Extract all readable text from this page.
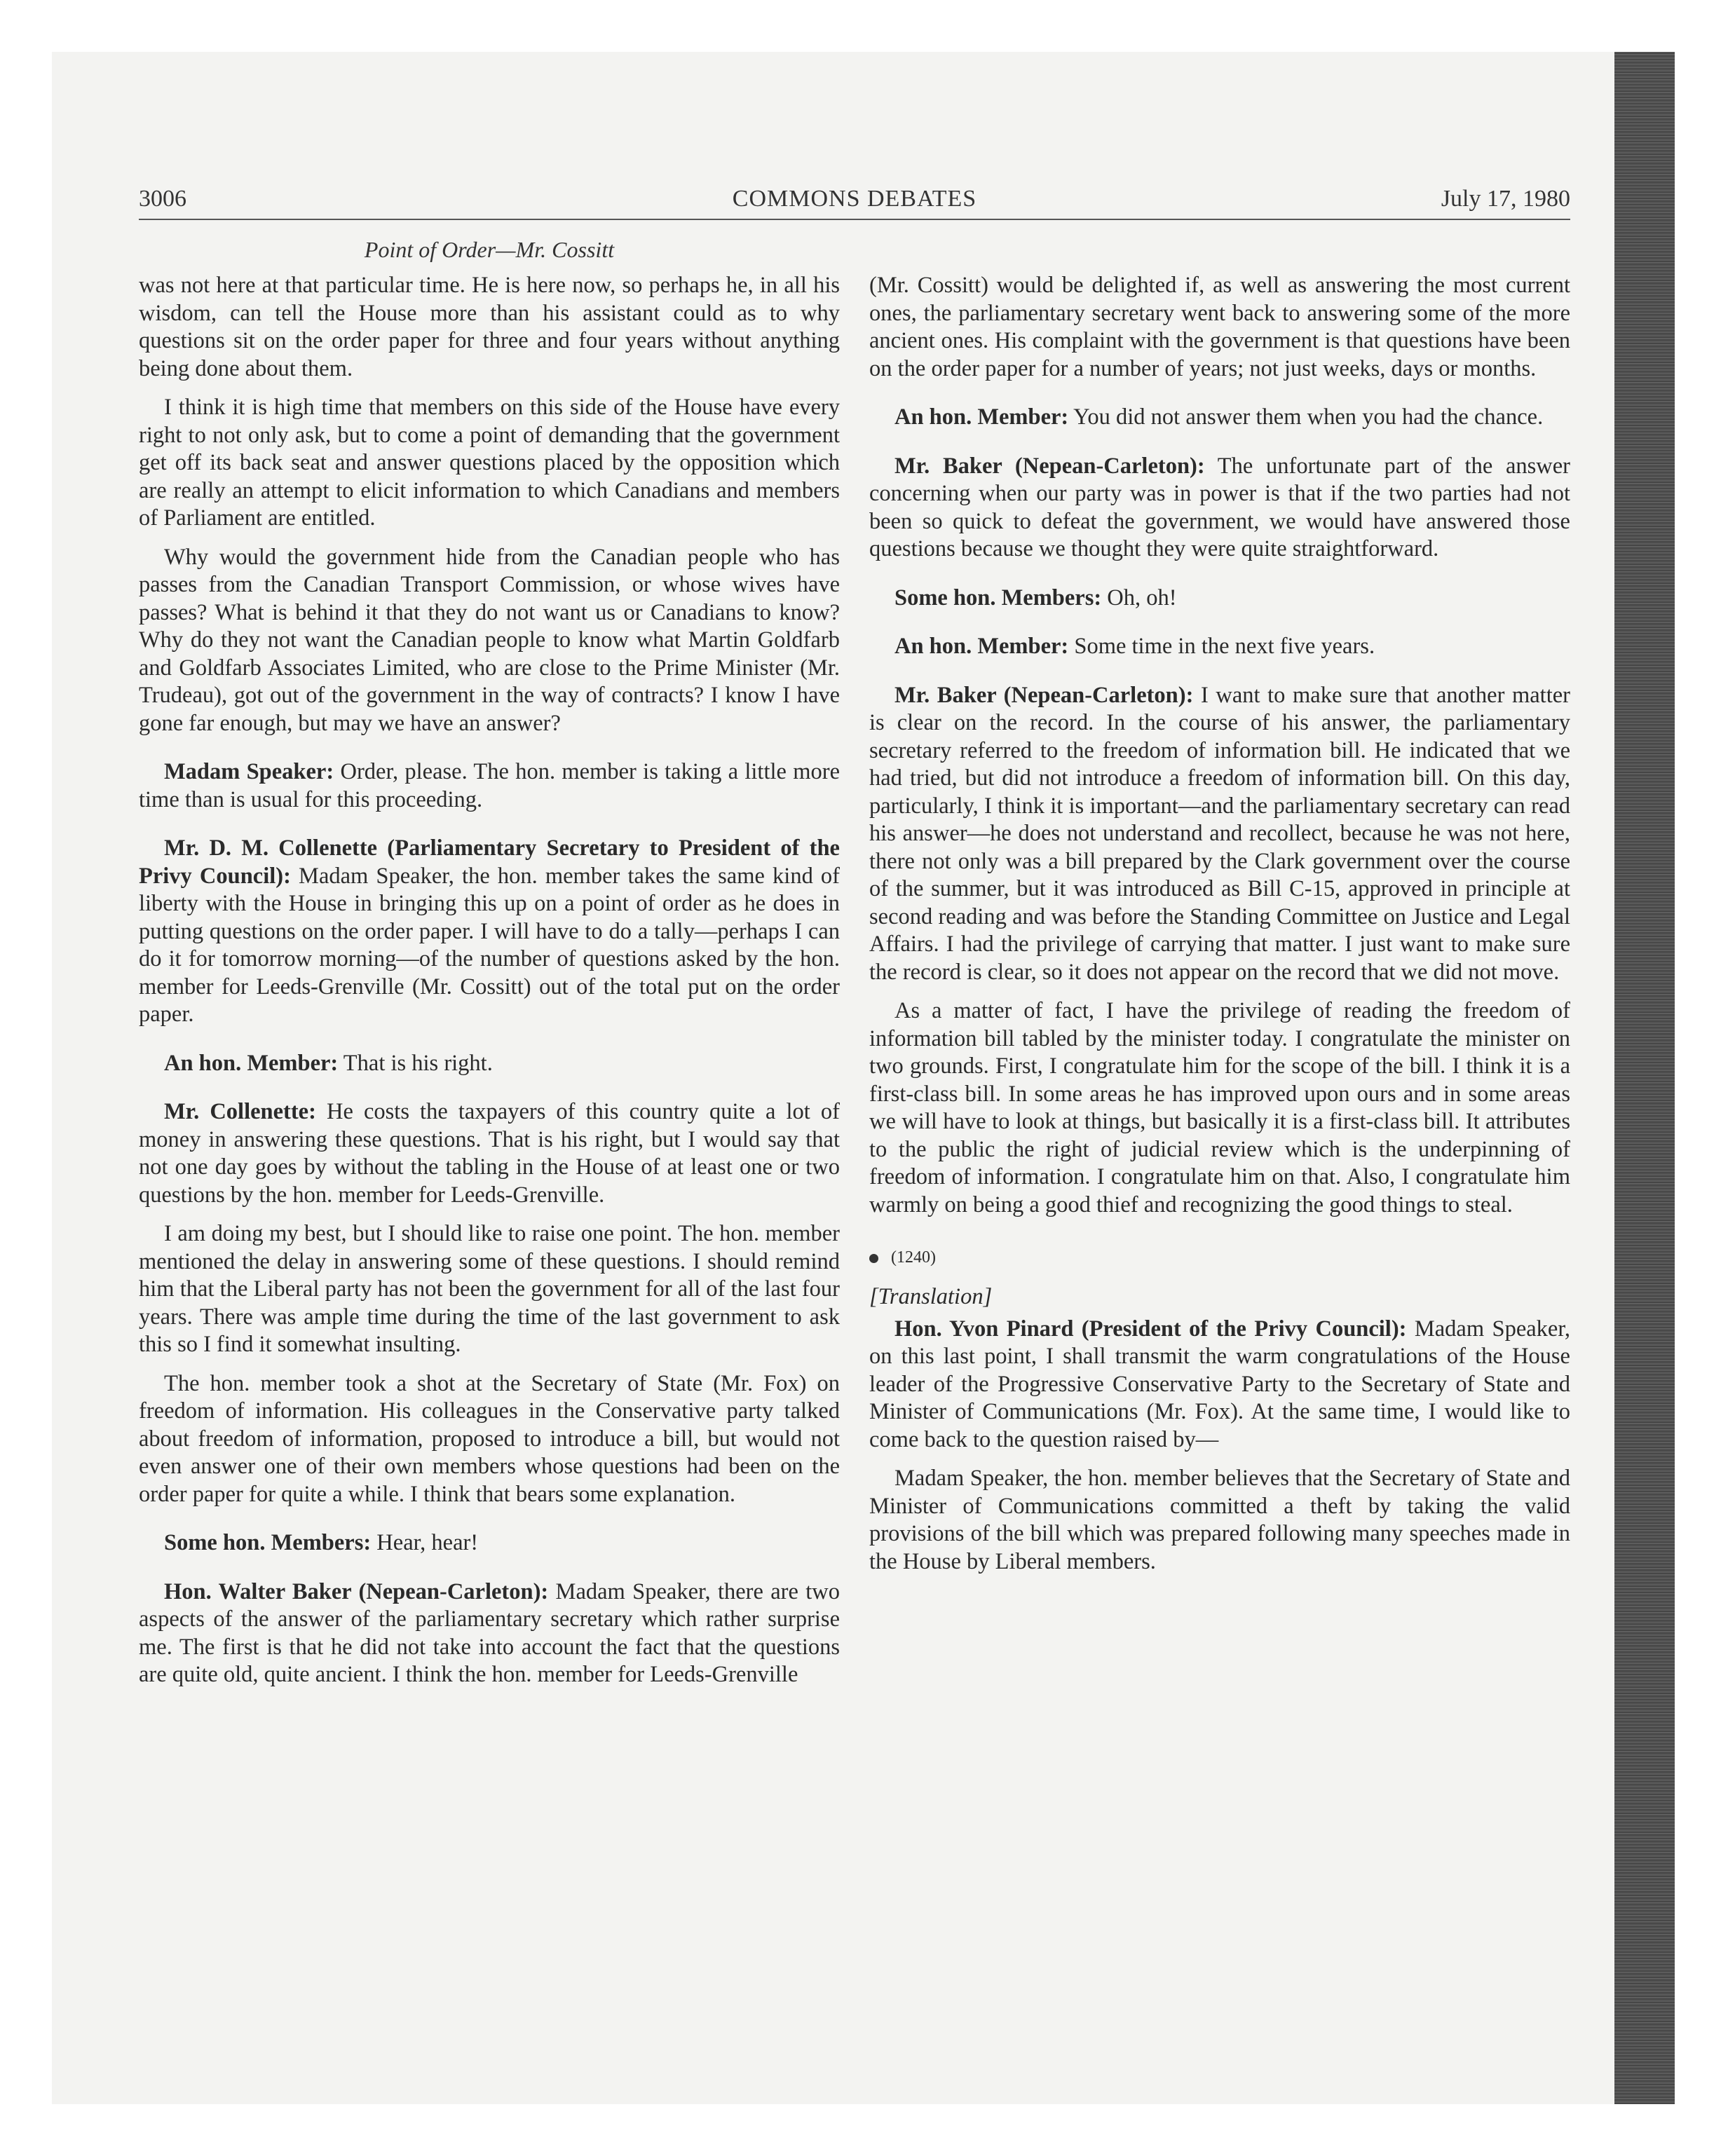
3006	COMMONS DEBATES	July 17, 1980
Point of Order—Mr. Cossitt

was not here at that particular time. He is here now, so perhaps he, in all his wisdom, can tell the House more than his assistant could as to why questions sit on the order paper for three and four years without anything being done about them.

I think it is high time that members on this side of the House have every right to not only ask, but to come a point of demanding that the government get off its back seat and answer questions placed by the opposition which are really an attempt to elicit information to which Canadians and members of Parliament are entitled.

Why would the government hide from the Canadian people who has passes from the Canadian Transport Commission, or whose wives have passes? What is behind it that they do not want us or Canadians to know? Why do they not want the Canadian people to know what Martin Goldfarb and Goldfarb Associates Limited, who are close to the Prime Minister (Mr. Trudeau), got out of the government in the way of contracts? I know I have gone far enough, but may we have an answer?

Madam Speaker: Order, please. The hon. member is taking a little more time than is usual for this proceeding.

Mr. D. M. Collenette (Parliamentary Secretary to President of the Privy Council): Madam Speaker, the hon. member takes the same kind of liberty with the House in bringing this up on a point of order as he does in putting questions on the order paper. I will have to do a tally—perhaps I can do it for tomorrow morning—of the number of questions asked by the hon. member for Leeds-Grenville (Mr. Cossitt) out of the total put on the order paper.

An hon. Member: That is his right.

Mr. Collenette: He costs the taxpayers of this country quite a lot of money in answering these questions. That is his right, but I would say that not one day goes by without the tabling in the House of at least one or two questions by the hon. member for Leeds-Grenville.

I am doing my best, but I should like to raise one point. The hon. member mentioned the delay in answering some of these questions. I should remind him that the Liberal party has not been the government for all of the last four years. There was ample time during the time of the last government to ask this so I find it somewhat insulting.

The hon. member took a shot at the Secretary of State (Mr. Fox) on freedom of information. His colleagues in the Conservative party talked about freedom of information, proposed to introduce a bill, but would not even answer one of their own members whose questions had been on the order paper for quite a while. I think that bears some explanation.

Some hon. Members: Hear, hear!

Hon. Walter Baker (Nepean-Carleton): Madam Speaker, there are two aspects of the answer of the parliamentary secretary which rather surprise me. The first is that he did not take into account the fact that the questions are quite old, quite ancient. I think the hon. member for Leeds-Grenville

(Mr. Cossitt) would be delighted if, as well as answering the most current ones, the parliamentary secretary went back to answering some of the more ancient ones. His complaint with the government is that questions have been on the order paper for a number of years; not just weeks, days or months.

An hon. Member: You did not answer them when you had the chance.

Mr. Baker (Nepean-Carleton): The unfortunate part of the answer concerning when our party was in power is that if the two parties had not been so quick to defeat the government, we would have answered those questions because we thought they were quite straightforward.

Some hon. Members: Oh, oh!

An hon. Member: Some time in the next five years.

Mr. Baker (Nepean-Carleton): I want to make sure that another matter is clear on the record. In the course of his answer, the parliamentary secretary referred to the freedom of information bill. He indicated that we had tried, but did not introduce a freedom of information bill. On this day, particularly, I think it is important—and the parliamentary secretary can read his answer—he does not understand and recollect, because he was not here, there not only was a bill prepared by the Clark government over the course of the summer, but it was introduced as Bill C-15, approved in principle at second reading and was before the Standing Committee on Justice and Legal Affairs. I had the privilege of carrying that matter. I just want to make sure the record is clear, so it does not appear on the record that we did not move.

As a matter of fact, I have the privilege of reading the freedom of information bill tabled by the minister today. I congratulate the minister on two grounds. First, I congratulate him for the scope of the bill. I think it is a first-class bill. In some areas he has improved upon ours and in some areas we will have to look at things, but basically it is a first-class bill. It attributes to the public the right of judicial review which is the underpinning of freedom of information. I congratulate him on that. Also, I congratulate him warmly on being a good thief and recognizing the good things to steal.

(1240)
[Translation]

Hon. Yvon Pinard (President of the Privy Council): Madam Speaker, on this last point, I shall transmit the warm congratulations of the House leader of the Progressive Conservative Party to the Secretary of State and Minister of Communications (Mr. Fox). At the same time, I would like to come back to the question raised by—

Madam Speaker, the hon. member believes that the Secretary of State and Minister of Communications committed a theft by taking the valid provisions of the bill which was prepared following many speeches made in the House by Liberal members.
